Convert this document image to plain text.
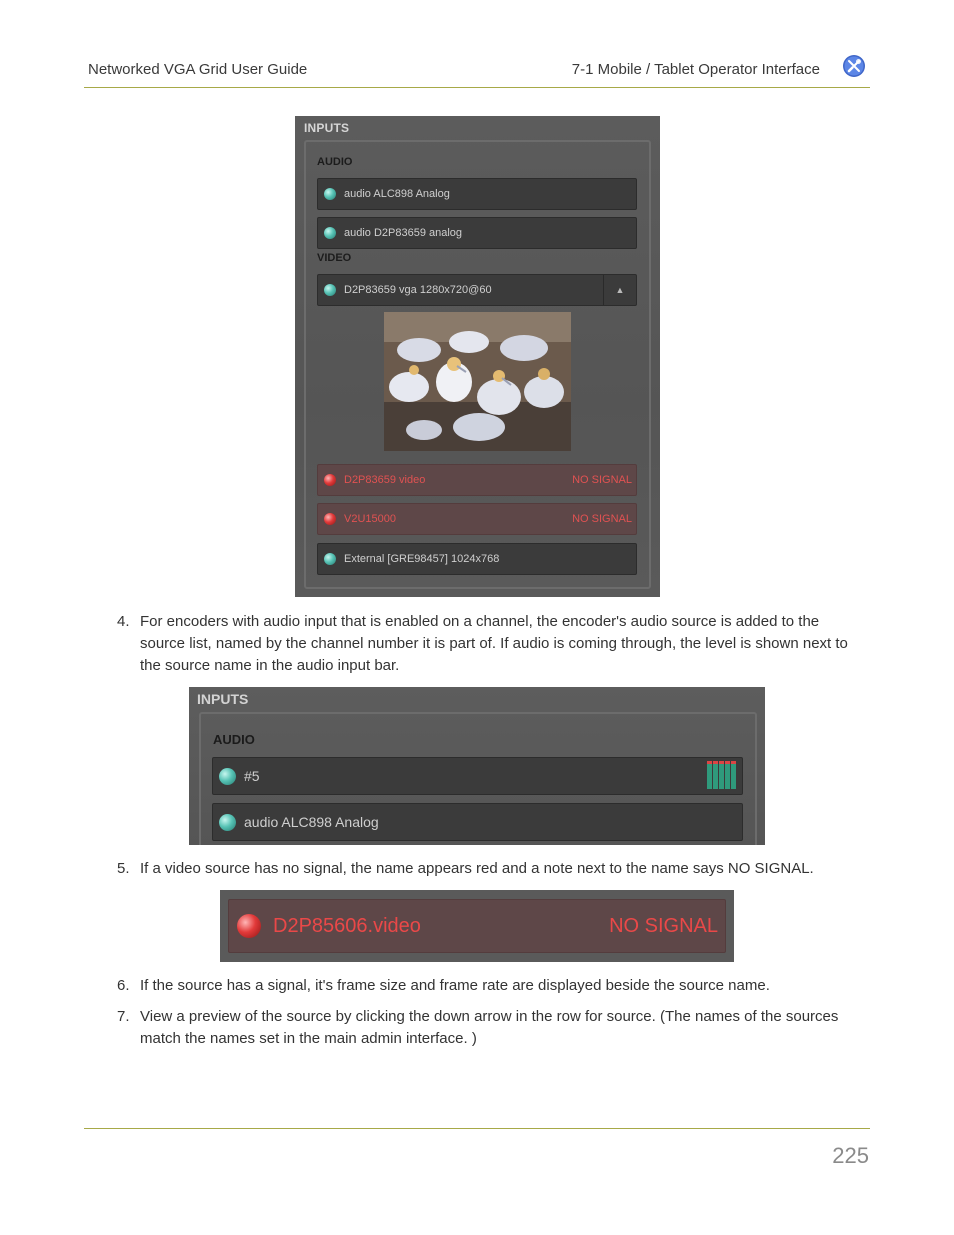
Networked VGA Grid User Guide	7-1 Mobile / Tablet Operator Interface
INPUTS
AUDIO
audio ALC898 Analog
audio D2P83659 analog
VIDEO
D2P83659 vga 1280x720@60	▲
D2P83659 video	NO SIGNAL
V2U15000	NO SIGNAL
External [GRE98457] 1024x768
4. For encoders with audio input that is enabled on a channel, the encoder's audio source is added to the source list, named by the channel number it is part of. If audio is coming through, the level is shown next to the source name in the audio input bar.
INPUTS
AUDIO
#5
audio ALC898 Analog
5. If a video source has no signal, the name appears red and a note next to the name says NO SIGNAL.
D2P85606.video	NO SIGNAL
6. If the source has a signal, it's frame size and frame rate are displayed beside the source name.
7. View a preview of the source by clicking the down arrow in the row for source. (The names of the sources match the names set in the main admin interface. )
225
